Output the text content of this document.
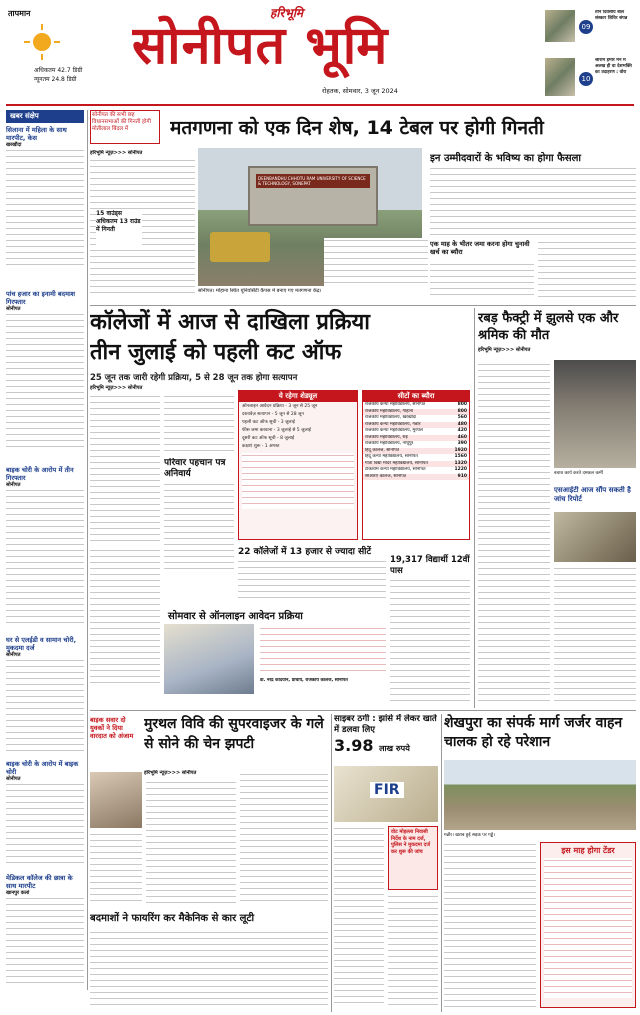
तापमान
अधिकतम 42.7 डिग्री
न्यूनतम 24.8 डिग्री
हरिभूमि
सोनीपत भूमि
रोहतक, सोमवार, 3 जून 2024
09
तीन दिवसीय बाल संस्कार शिविर संपन्न
10
श्रीराम हमारे मन में अलख ही वा देशभक्ति का उदाहरण : वोरा
खबर संक्षेप
सिलाना में महिला के साथ मारपीट, केस
खरखौदा
पांच हजार का इनामी बदमाश गिरफ्तार
सोनीपत
बाइक चोरी के आरोप में तीन गिरफ्तार
सोनीपत
घर से एलईडी व सामान चोरी, मुकदमा दर्ज
सोनीपत
बाइक चोरी के आरोप में बाइक चोरी
सोनीपत
मेडिकल कॉलेज की छात्रा के साथ मारपीट
खानपुर कलां
सोनीपत की सभी छह विधानसभाओं की गिनती होगी मोतीलाल बिंदल में	मतगणना को एक दिन शेष, 14 टेबल पर होगी गिनती
हरिभूमि न्यूज़>>> सोनीपत
15 वाउंड्स अधिकतम 13 राउंड में गिनती
DEENBANDHU CHHOTU RAM UNIVERSITY OF SCIENCE & TECHNOLOGY, SONEPAT
सोनीपत। मोहाना स्थित यूनिवर्सिटी कैंपस में बनाए गए मतगणना केंद्र।
इन उम्मीदवारों के भविष्य का होगा फैसला
एक माह के भीतर जमा करना होगा चुनावी खर्च का ब्यौरा
कॉलेजों में आज से दाखिला प्रक्रिया
तीन जुलाई को पहली कट ऑफ
25 जून तक जारी रहेगी प्रक्रिया, 5 से 28 जून तक होगा सत्यापन
हरिभूमि न्यूज़>>> सोनीपत
ये रहेगा शेड्यूल
ऑनलाइन आवेदन प्रक्रिया - 3 जून से 25 जून
दस्तावेज़ सत्यापन - 5 जून से 28 जून
पहली कट ऑफ सूची - 3 जुलाई
फीस जमा करवाना - 3 जुलाई से 5 जुलाई
दूसरी कट ऑफ सूची - 8 जुलाई
कक्षाएं शुरू - 1 अगस्त
सीटों का ब्यौरा
राजकीय कन्या महाविद्यालय, सोनीपत	800
राजकीय महाविद्यालय, गोहाना	800
राजकीय महाविद्यालय, खरखौदा	560
राजकीय कन्या महाविद्यालय, गन्नौर	480
राजकीय कन्या महाविद्यालय, मुरथल	420
राजकीय महाविद्यालय, राई	460
राजकीय महाविद्यालय, नाथूपुर	390
हिंदू कॉलेज, सोनीपत	1920
हिंदू कन्या महाविद्यालय, सोनीपत	1560
गीता विद्या मंदिर महाविद्यालय, सोनीपत	1320
टीकाराम कन्या महाविद्यालय, सोनीपत	1220
सीआरए कॉलेज, सोनीपत	910
परिवार पहचान पत्र अनिवार्य
22 कॉलेजों में 13 हजार से ज्यादा सीटें
19,317 विद्यार्थी 12वीं पास
सोमवार से ऑनलाइन आवेदन प्रक्रिया
डॉ. नरेंद्र कादयान, प्राचार्य, राजकीय कॉलेज, सोनीपत
रबड़ फैक्ट्री में झुलसे एक और श्रमिक की मौत
हरिभूमि न्यूज़>>> सोनीपत
बचाव कार्य करते दमकल कर्मी
एसआईटी आज सौंप सकती है जांच रिपोर्ट
बाइक सवार दो युवकों ने दिया वारदात को अंजाम
मुरथल विवि की सुपरवाइजर के गले से सोने की चेन झपटी
हरिभूमि न्यूज़>>> सोनीपत
बदमाशों ने फायरिंग कर मैकेनिक से कार लूटी
साइबर ठगी : झांसे में लेकर खाते में डलवा लिए
3.98 लाख रुपये
FIR
वोट मोहल्ला निवासी निर्देश के नाम दर्ज, पुलिस ने मुकदमा दर्ज कर शुरू की जांच
शेखपुरा का संपर्क मार्ग जर्जर वाहन चालक हो रहे परेशान
गन्नौर। खराब हुई सड़क पर गड्ढे।
इस माह होगा टेंडर
